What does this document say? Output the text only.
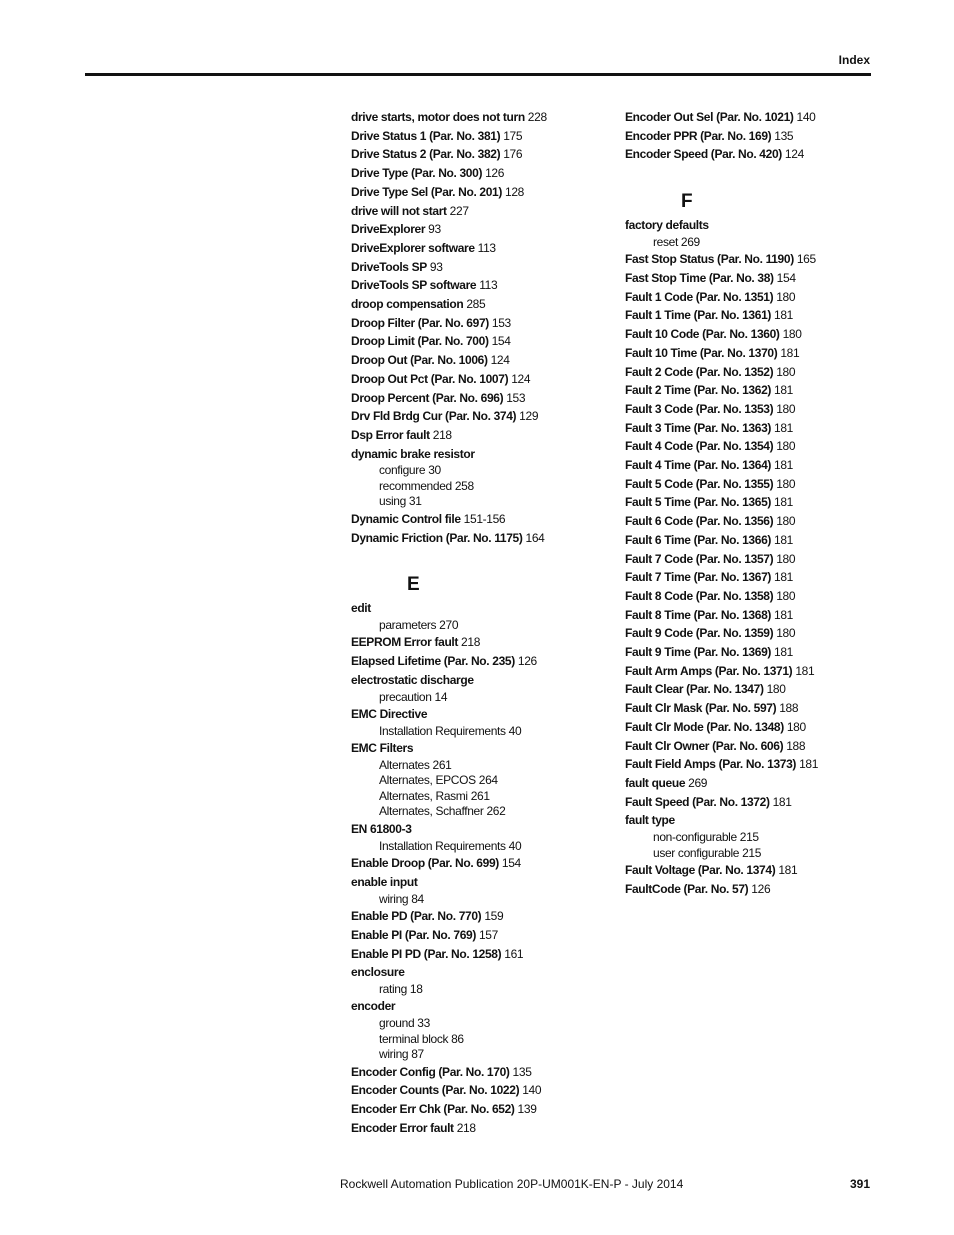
Index
drive starts, motor does not turn 228
Drive Status 1 (Par. No. 381) 175
Drive Status 2 (Par. No. 382) 176
Drive Type (Par. No. 300) 126
Drive Type Sel (Par. No. 201) 128
drive will not start 227
DriveExplorer 93
DriveExplorer software 113
DriveTools SP 93
DriveTools SP software 113
droop compensation 285
Droop Filter (Par. No. 697) 153
Droop Limit (Par. No. 700) 154
Droop Out (Par. No. 1006) 124
Droop Out Pct (Par. No. 1007) 124
Droop Percent (Par. No. 696) 153
Drv Fld Brdg Cur (Par. No. 374) 129
Dsp Error fault 218
dynamic brake resistor
configure 30
recommended 258
using 31
Dynamic Control file 151-156
Dynamic Friction (Par. No. 1175) 164
E
edit
parameters 270
EEPROM Error fault 218
Elapsed Lifetime (Par. No. 235) 126
electrostatic discharge
precaution 14
EMC Directive
Installation Requirements 40
EMC Filters
Alternates 261
Alternates, EPCOS 264
Alternates, Rasmi 261
Alternates, Schaffner 262
EN 61800-3
Installation Requirements 40
Enable Droop (Par. No. 699) 154
enable input
wiring 84
Enable PD (Par. No. 770) 159
Enable PI (Par. No. 769) 157
Enable PI PD (Par. No. 1258) 161
enclosure
rating 18
encoder
ground 33
terminal block 86
wiring 87
Encoder Config (Par. No. 170) 135
Encoder Counts (Par. No. 1022) 140
Encoder Err Chk (Par. No. 652) 139
Encoder Error fault 218
Encoder Out Sel (Par. No. 1021) 140
Encoder PPR (Par. No. 169) 135
Encoder Speed (Par. No. 420) 124
F
factory defaults
reset 269
Fast Stop Status (Par. No. 1190) 165
Fast Stop Time (Par. No. 38) 154
Fault 1 Code (Par. No. 1351) 180
Fault 1 Time (Par. No. 1361) 181
Fault 10 Code (Par. No. 1360) 180
Fault 10 Time (Par. No. 1370) 181
Fault 2 Code (Par. No. 1352) 180
Fault 2 Time (Par. No. 1362) 181
Fault 3 Code (Par. No. 1353) 180
Fault 3 Time (Par. No. 1363) 181
Fault 4 Code (Par. No. 1354) 180
Fault 4 Time (Par. No. 1364) 181
Fault 5 Code (Par. No. 1355) 180
Fault 5 Time (Par. No. 1365) 181
Fault 6 Code (Par. No. 1356) 180
Fault 6 Time (Par. No. 1366) 181
Fault 7 Code (Par. No. 1357) 180
Fault 7 Time (Par. No. 1367) 181
Fault 8 Code (Par. No. 1358) 180
Fault 8 Time (Par. No. 1368) 181
Fault 9 Code (Par. No. 1359) 180
Fault 9 Time (Par. No. 1369) 181
Fault Arm Amps (Par. No. 1371) 181
Fault Clear (Par. No. 1347) 180
Fault Clr Mask (Par. No. 597) 188
Fault Clr Mode (Par. No. 1348) 180
Fault Clr Owner (Par. No. 606) 188
Fault Field Amps (Par. No. 1373) 181
fault queue 269
Fault Speed (Par. No. 1372) 181
fault type
non-configurable 215
user configurable 215
Fault Voltage (Par. No. 1374) 181
FaultCode (Par. No. 57) 126
Rockwell Automation Publication 20P-UM001K-EN-P - July 2014	391
